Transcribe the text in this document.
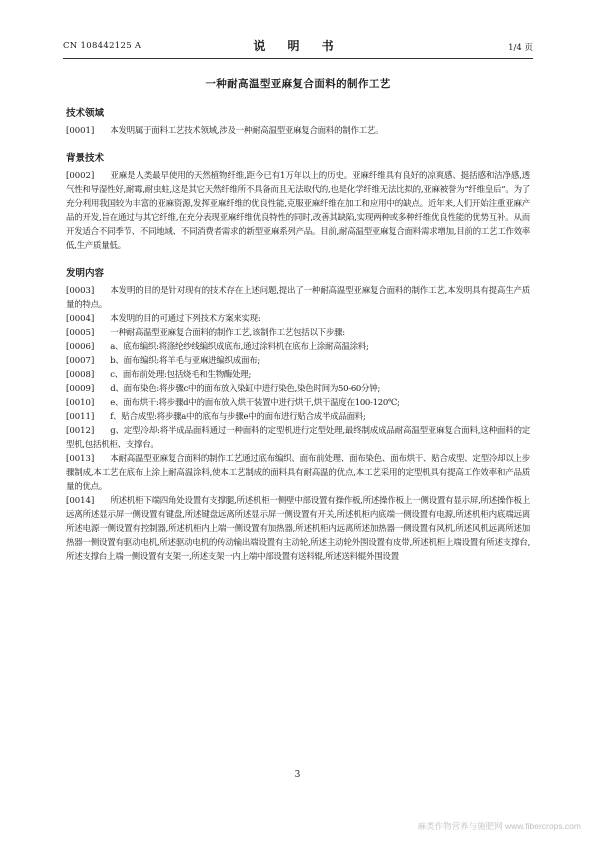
CN 108442125 A	说 明 书	1/4 页
一种耐高温型亚麻复合面料的制作工艺
技术领域

[0001] 本发明属于面料工艺技术领域,涉及一种耐高温型亚麻复合面料的制作工艺。

背景技术

[0002] 亚麻是人类最早使用的天然植物纤维,距今已有1万年以上的历史。亚麻纤维具有良好的凉爽感、挺括感和洁净感,透气性和导湿性好,耐霉,耐虫蛀,这是其它天然纤维所不具备而且无法取代的,也是化学纤维无法比拟的,亚麻被誉为“纤维皇后”。为了充分利用我国较为丰富的亚麻资源,发挥亚麻纤维的优良性能,克服亚麻纤维在加工和应用中的缺点。近年来,人们开始注重亚麻产品的开发,旨在通过与其它纤维,在充分表现亚麻纤维优良特性的同时,改善其缺陷,实现两种或多种纤维优良性能的优势互补。从而开发适合不同季节、不同地域、不同消费者需求的新型亚麻系列产品。目前,耐高温型亚麻复合面料需求增加,目前的工艺工作效率低,生产质量低。

发明内容

[0003] 本发明的目的是针对现有的技术存在上述问题,提出了一种耐高温型亚麻复合面料的制作工艺,本发明具有提高生产质量的特点。

[0004] 本发明的目的可通过下列技术方案来实现:

[0005] 一种耐高温型亚麻复合面料的制作工艺,该制作工艺包括以下步骤:

[0006] a、底布编织:将涤纶纱线编织成底布,通过涂料机在底布上涂耐高温涂料;

[0007] b、面布编织:将羊毛与亚麻进编织成面布;

[0008] c、面布前处理:包括烧毛和生物酶处理;

[0009] d、面布染色:将步骤c中的面布放入染缸中进行染色,染色时间为50-60分钟;

[0010] e、面布烘干:将步骤d中的面布放入烘干装置中进行烘干,烘干温度在100-120℃;

[0011] f、贴合成型:将步骤a中的底布与步骤e中的面布进行贴合成半成品面料;

[0012] g、定型冷却:将半成品面料通过一种面料的定型机进行定型处理,最终制成成品耐高温型亚麻复合面料,这种面料的定型机,包括机柜、支撑台。

[0013] 本耐高温型亚麻复合面料的制作工艺通过底布编织、面布前处理、面布染色、面布烘干、贴合成型、定型冷却以上步骤制成,本工艺在底布上涂上耐高温涂料,使本工艺制成的面料具有耐高温的优点,本工艺采用的定型机具有提高工作效率和产品质量的优点。

[0014] 所述机柜下端四角处设置有支撑腿,所述机柜一侧壁中部设置有操作板,所述操作板上一侧设置有显示屏,所述操作板上远离所述显示屏一侧设置有键盘,所述键盘远离所述显示屏一侧设置有开关,所述机柜内底端一侧设置有电源,所述机柜内底端远离所述电源一侧设置有控制器,所述机柜内上端一侧设置有加热器,所述机柜内远离所述加热器一侧设置有风机,所述风机远离所述加热器一侧设置有驱动电机,所述驱动电机的传动输出端设置有主动轮,所述主动轮外围设置有皮带,所述机柜上端设置有所述支撑台,所述支撑台上端一侧设置有支架一,所述支架一内上端中部设置有送料辊,所述送料辊外围设置

3
麻类作物营养与施肥网 www.fibercrops.com
